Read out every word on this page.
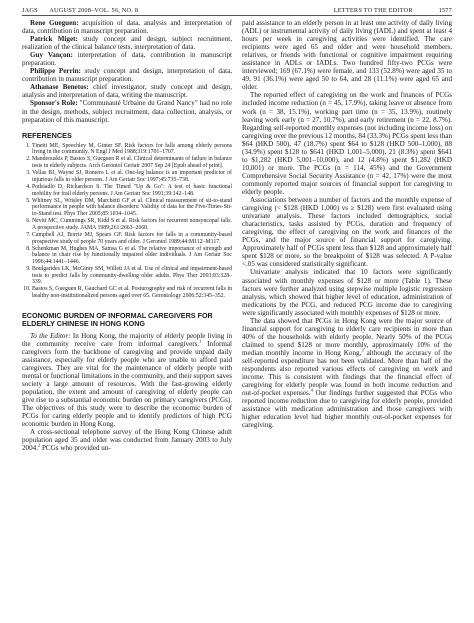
JAGS AUGUST 2008–VOL. 56, NO. 8	LETTERS TO THE EDITOR	1577

Rene Gueguen: acquisition of data, analysis and interpretation of data, contribution in manuscript preparation.

Patrick Miget: study concept and design, subject recruitment, realization of the clinical balance tests, interpretation of data.

Guy Vançon: interpretation of data, contribution in manuscript preparation.

Philippe Perrin: study concept and design, interpretation of data, contribution in manuscript preparation.

Athanase Benetos: chief investigator, study concept and design, analysis and interpretation of data, writing the manuscript.

Sponsor's Role: "Communauté Urbaine du Grand Nancy" had no role in the design, methods, subject recruitment, data collection, analysis, or preparation of this manuscript.

REFERENCES
1. Tinetti ME, Speechley M, Ginter SF. Risk factors for falls among elderly persons living in the community. N Engl J Med 1988;319:1701–1707.
2. Mandeouskis P, Bastos S, Gueguen R et al. Clinical determinants of failure in balance tests in elderly subjects. Arch Gerontol Geriatr 2007 Sep 24 [Epub ahead of print].
3. Vellas BJ, Wayne SJ, Romero L et al. One-leg balance is an important predictor of injurious falls in older persons. J Am Geriatr Soc 1997;45:735–738.
4. Podsiadlo D, Richardson S. The Timed "Up & Go": A test of basic functional mobility for frail elderly persons. J Am Geriatr Soc 1991;39:142–148.
5. Whitney SL, Wrisley DM, Marchetti GF et al. Clinical measurement of sit-to-stand performance in people with balance disorders: Validity of data for the Five-Times-Sit-to-Stand test. Phys Ther 2005;85:1034–1045.
6. Nevitt MC, Cummings SR, Kidd S et al. Risk factors for recurrent nonsyncopal falls. A prospective study. JAMA 1989;261:2663–2668.
7. Campbell AJ, Borrie MJ, Spears GF. Risk factors for falls in a community-based prospective study of people 70 years and older. J Gerontol 1989;44:M112–M117.
8. Schenkman M, Hughes MA, Samsa G et al. The relative importance of strength and balance in chair rise by functionally impaired older individuals. J Am Geriatr Soc 1996;44:1441–1446.
9. Boulgarides LK, McGinty SM, Willett JA et al. Use of clinical and impairment-based tests to predict falls by community-dwelling older adults. Phys Ther 2003;83:328–339.
10. Bastos S, Gueguen R, Gauchard GC et al. Posturography and risk of recurrent falls in healthy non-institutionalized persons aged over 65. Gerontology 2006;52:345–352.
ECONOMIC BURDEN OF INFORMAL CAREGIVERS FOR ELDERLY CHINESE IN HONG KONG

To the Editor: In Hong Kong, the majority of elderly people living in the community receive care from informal caregivers.$^1$ Informal caregivers form the backbone of caregiving and provide unpaid daily assistance, especially for elderly people who are unable to afford paid caregivers. They are vital for the maintenance of elderly people with mental or functional limitations in the community, and their support saves society a large amount of resources. With the fast-growing elderly population, the extent and amount of caregiving of elderly people can give rise to a substantial economic burden on primary caregivers (PCGs). The objectives of this study were to describe the economic burden of PCGs for caring elderly people and to identify predictors of high PCG economic burden in Hong Kong.

A cross-sectional telephone survey of the Hong Kong Chinese adult population aged 35 and older was conducted from January 2003 to July 2004.$^2$ PCGs who provided un-

paid assistance to an elderly person in at least one activity of daily living (ADL) or instrumental activity of daily living (IADL) and spent at least 4 hours per week in caregiving activities were identified. The care recipients were aged 65 and older and were household members, relatives, or friends with functional or cognitive impairment requiring assistance in ADLs or IADLs. Two hundred fifty-two PCGs were interviewed; 169 (67.1%) were female, and 133 (52.8%) were aged 35 to 49, 91 (36.1%) were aged 50 to 64, and 28 (11.1%) were aged 65 and older.

The reported effect of caregiving on the work and finances of PCGs included income reduction (n = 45, 17.9%), taking leave or absence from work (n = 38, 15.1%), working part time (n = 35, 13.9%), routinely leaving work early (n = 27, 10.7%), and early retirement (n = 22, 8.7%). Regarding self-reported monthly expenses (not including income loss) on caregiving over the previous 12 months, 84 (33.3%) PCGs spent less than $64 (HKD 500), 47 (18.7%) spent $64 to $128 (HKD 500–1,000), 88 (34.9%) spent $128 to $641 (HKD 1,001–5,000), 21 (8.3%) spent $641 to $1,282 (HKD 5,001–10,000), and 12 (4.8%) spent $1,282 (HKD 10,001) or more. The PCGs (n = 114, 45%) and the Government Comprehensive Social Security Assistance (n = 42, 17%) were the most commonly reported major sources of financial support for caregiving to elderly people.

Associations between a number of factors and the monthly expense of caregiving (< $128 (HKD 1,000) vs ≥ $128) were first evaluated using univariate analysis. These factors included demographics, social characteristics, tasks assisted by PCGs, duration and frequency of caregiving, the effect of caregiving on the work and finances of the PCGs, and the major source of financial support for caregiving. Approximately half of PCGs spent less than $128 and approximately half spent $128 or more, so the breakpoint of $128 was selected. A P-value <.05 was considered statistically significant.

Univariate analysis indicated that 10 factors were significantly associated with monthly expenses of $128 or more (Table 1). These factors were further analyzed using stepwise multiple logistic regression analysis, which showed that higher level of education, administration of medications by the PCG, and reduced PCG income due to caregiving were significantly associated with monthly expenses of $128 or more.

The data showed that PCGs in Hong Kong were the major source of financial support for caregiving to elderly care recipients in more than 40% of the households with elderly people. Nearly 50% of the PCGs claimed to spend $128 or more monthly, approximately 10% of the median monthly income in Hong Kong,$^3$ although the accuracy of the self-reported expenditure has not been validated. More than half of the respondents also reported various effects of caregiving on work and income. This is consistent with findings that the financial effect of caregiving for elderly people was found in both income reduction and out-of-pocket expenses.$^4$ Our findings further suggested that PCGs who reported income reduction due to caregiving for elderly people, provided assistance with medication administration and those caregivers with higher education level had higher monthly out-of-pocket expenses for caregiving.
